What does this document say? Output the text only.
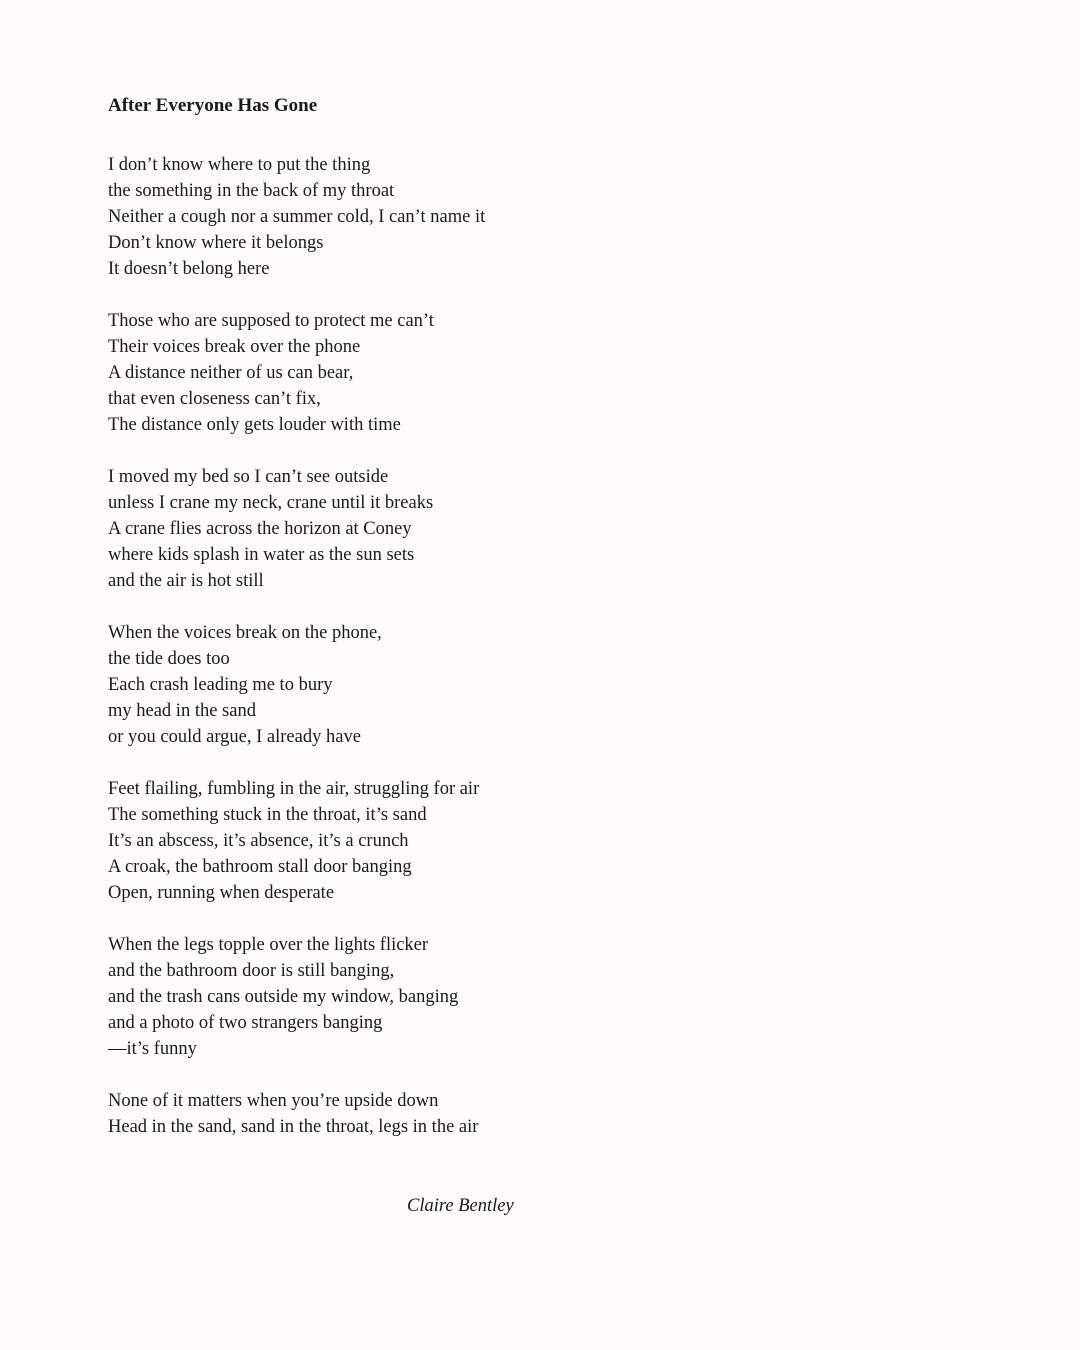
After Everyone Has Gone
I don’t know where to put the thing
the something in the back of my throat
Neither a cough nor a summer cold, I can’t name it
Don’t know where it belongs
It doesn’t belong here
Those who are supposed to protect me can’t
Their voices break over the phone
A distance neither of us can bear,
that even closeness can’t fix,
The distance only gets louder with time
I moved my bed so I can’t see outside
unless I crane my neck, crane until it breaks
A crane flies across the horizon at Coney
where kids splash in water as the sun sets
and the air is hot still
When the voices break on the phone,
the tide does too
Each crash leading me to bury
my head in the sand
or you could argue, I already have
Feet flailing, fumbling in the air, struggling for air
The something stuck in the throat, it’s sand
It’s an abscess, it’s absence, it’s a crunch
A croak, the bathroom stall door banging
Open, running when desperate
When the legs topple over the lights flicker
and the bathroom door is still banging,
and the trash cans outside my window, banging
and a photo of two strangers banging
—it’s funny
None of it matters when you’re upside down
Head in the sand, sand in the throat, legs in the air
Claire Bentley
